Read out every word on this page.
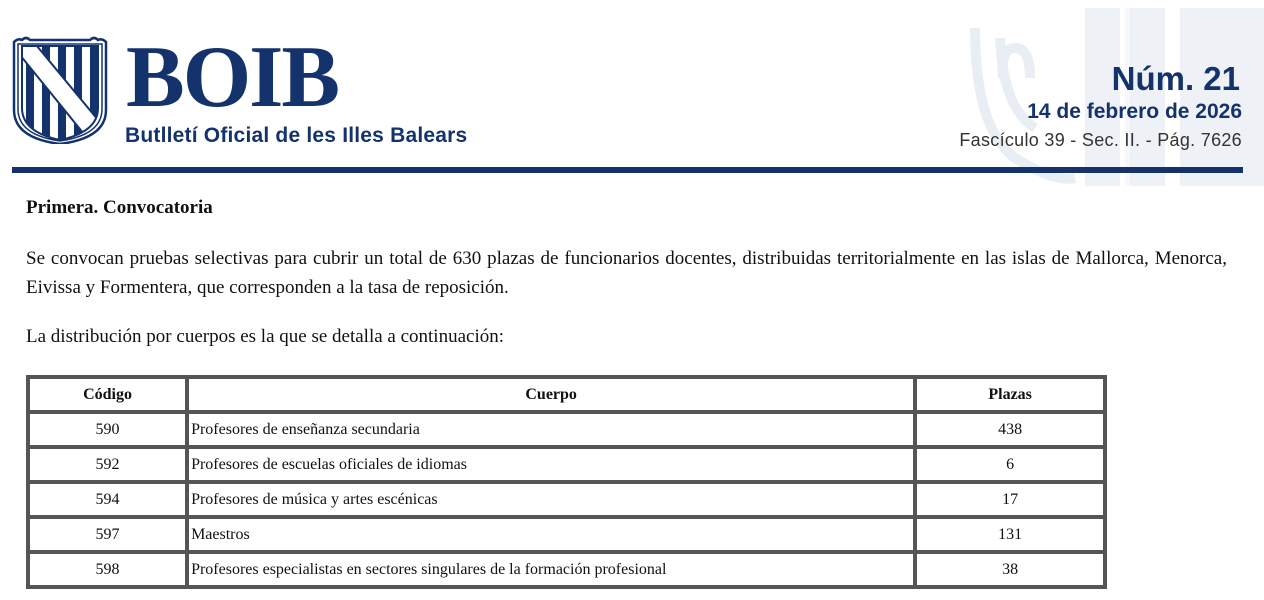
BOIB
Butlletí Oficial de les Illes Balears
Núm. 21
14 de febrero de 2026
Fascículo 39 - Sec. II. - Pág. 7626
Primera. Convocatoria
Se convocan pruebas selectivas para cubrir un total de 630 plazas de funcionarios docentes, distribuidas territorialmente en las islas de Mallorca, Menorca, Eivissa y Formentera, que corresponden a la tasa de reposición.
La distribución por cuerpos es la que se detalla a continuación:
Código	Cuerpo	Plazas
590	Profesores de enseñanza secundaria	438
592	Profesores de escuelas oficiales de idiomas	6
594	Profesores de música y artes escénicas	17
597	Maestros	131
598	Profesores especialistas en sectores singulares de la formación profesional	38
